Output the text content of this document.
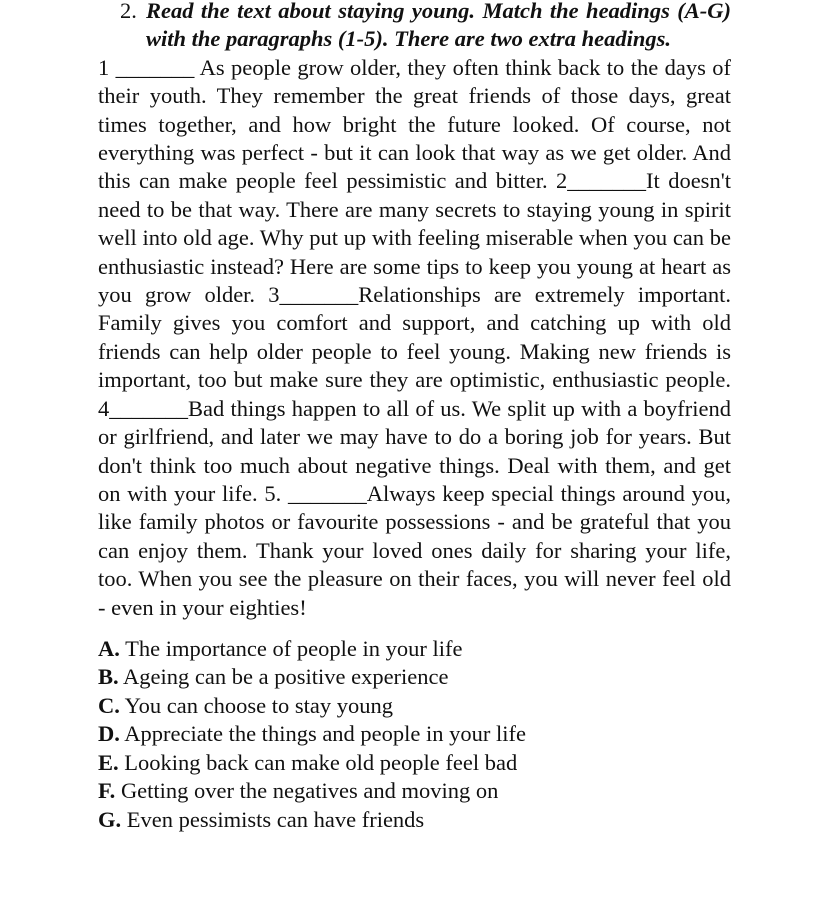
2. Read the text about staying young. Match the headings (A-G) with the paragraphs (1-5). There are two extra headings.

1 _______ As people grow older, they often think back to the days of their youth. They remember the great friends of those days, great times together, and how bright the future looked. Of course, not everything was perfect - but it can look that way as we get older. And this can make people feel pessimistic and bitter. 2_______It doesn't need to be that way. There are many secrets to staying young in spirit well into old age. Why put up with feeling miserable when you can be enthusiastic instead? Here are some tips to keep you young at heart as you grow older. 3_______Relationships are extremely important. Family gives you comfort and support, and catching up with old friends can help older people to feel young. Making new friends is important, too but make sure they are optimistic, enthusiastic people. 4_______Bad things happen to all of us. We split up with a boyfriend or girlfriend, and later we may have to do a boring job for years. But don't think too much about negative things. Deal with them, and get on with your life. 5. _______Always keep special things around you, like family photos or favourite possessions - and be grateful that you can enjoy them. Thank your loved ones daily for sharing your life, too. When you see the pleasure on their faces, you will never feel old - even in your eighties!

A. The importance of people in your life
B. Ageing can be a positive experience
C. You can choose to stay young
D. Appreciate the things and people in your life
E. Looking back can make old people feel bad
F. Getting over the negatives and moving on
G. Even pessimists can have friends
